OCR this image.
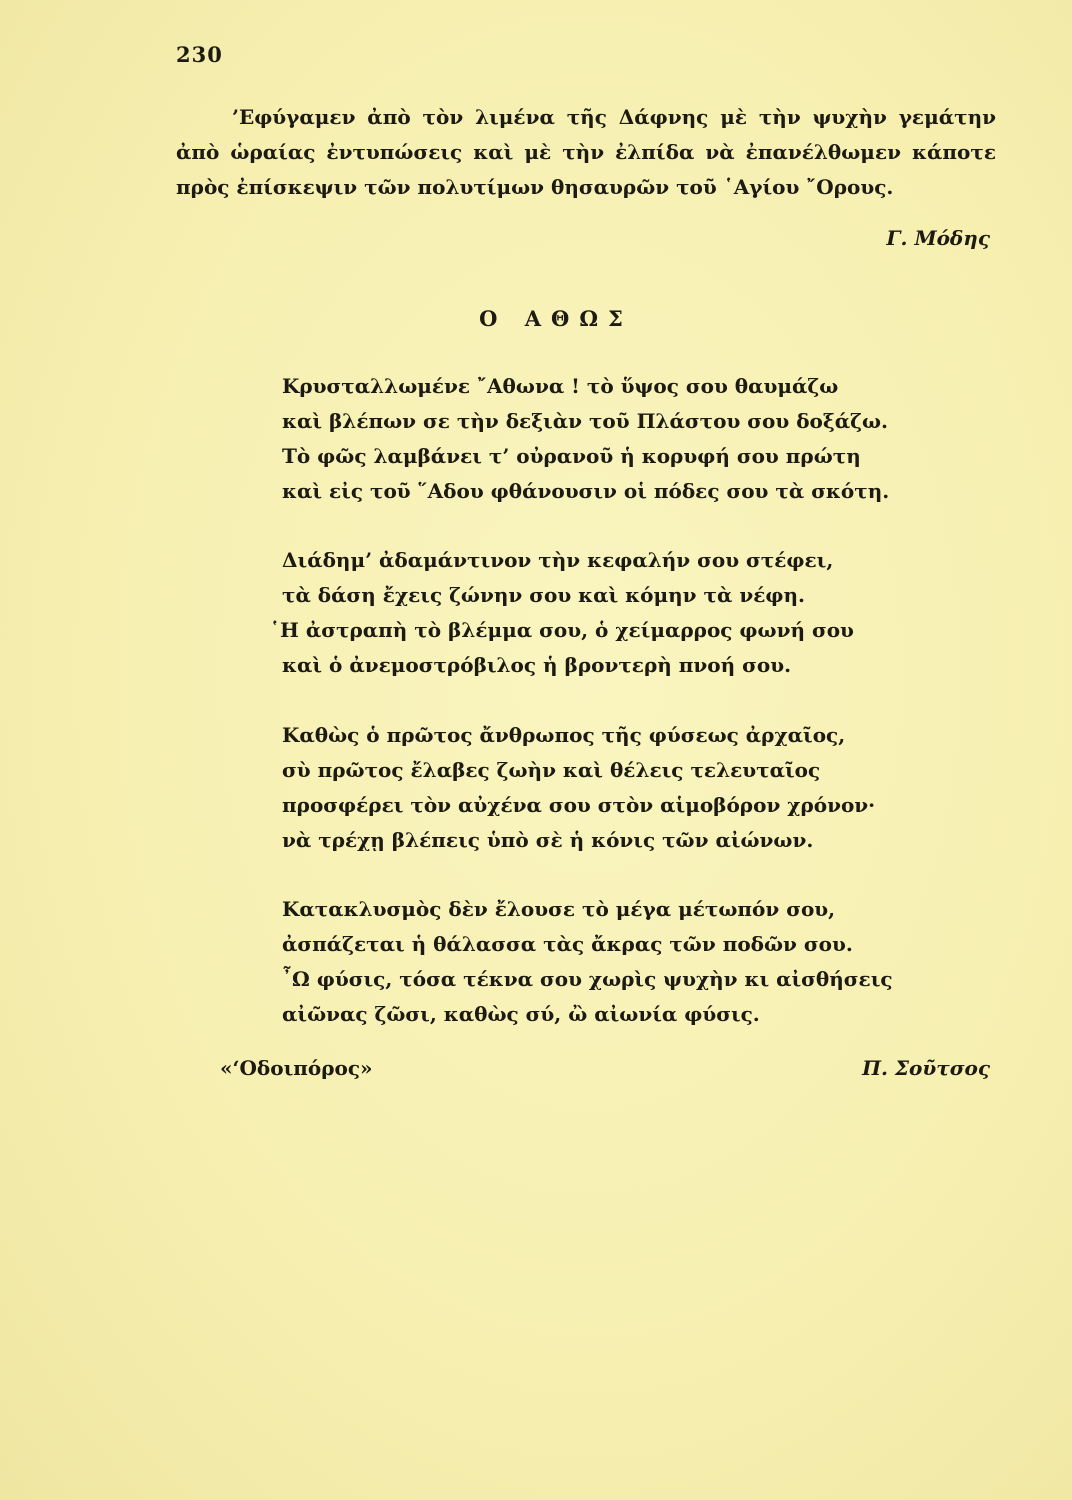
230

’Εφύγαμεν ἀπὸ τὸν λιμένα τῆς Δάφνης μὲ τὴν ψυχὴν γεμάτην ἀπὸ ὡραίας ἐντυπώσεις καὶ μὲ τὴν ἐλπίδα νὰ ἐπανέλθωμεν κάποτε πρὸς ἐπίσκεψιν τῶν πολυτίμων θησαυρῶν τοῦ ῾Αγίου ῎Ορους.

Γ. Μόδης
Ο ΑΘΩΣ
Κρυσταλλωμένε ῎Αθωνα ! τὸ ὕψος σου θαυμάζω
καὶ βλέπων σε τὴν δεξιὰν τοῦ Πλάστου σου δοξάζω.
Τὸ φῶς λαμβάνει τ’ οὐρανοῦ ἡ κορυφή σου πρώτη
καὶ εἰς τοῦ ῞Αδου φθάνουσιν οἱ πόδες σου τὰ σκότη.
Διάδημ’ ἀδαμάντινον τὴν κεφαλήν σου στέφει,
τὰ δάση ἔχεις ζώνην σου καὶ κόμην τὰ νέφη.
῾Η ἀστραπὴ τὸ βλέμμα σου, ὁ χείμαρρος φωνή σου
καὶ ὁ ἀνεμοστρόβιλος ἡ βροντερὴ πνοή σου.
Καθὼς ὁ πρῶτος ἄνθρωπος τῆς φύσεως ἀρχαῖος,
σὺ πρῶτος ἔλαβες ζωὴν καὶ θέλεις τελευταῖος
προσφέρει τὸν αὐχένα σου στὸν αἱμοβόρον χρόνον·
νὰ τρέχῃ βλέπεις ὑπὸ σὲ ἡ κόνις τῶν αἰώνων.
Κατακλυσμὸς δὲν ἔλουσε τὸ μέγα μέτωπόν σου,
ἀσπάζεται ἡ θάλασσα τὰς ἄκρας τῶν ποδῶν σου.
῏Ω φύσις, τόσα τέκνα σου χωρὶς ψυχὴν κι αἰσθήσεις
αἰῶνας ζῶσι, καθὼς σύ, ὢ αἰωνία φύσις.
«‘Οδοιπόρος»	Π. Σοῦτσος
